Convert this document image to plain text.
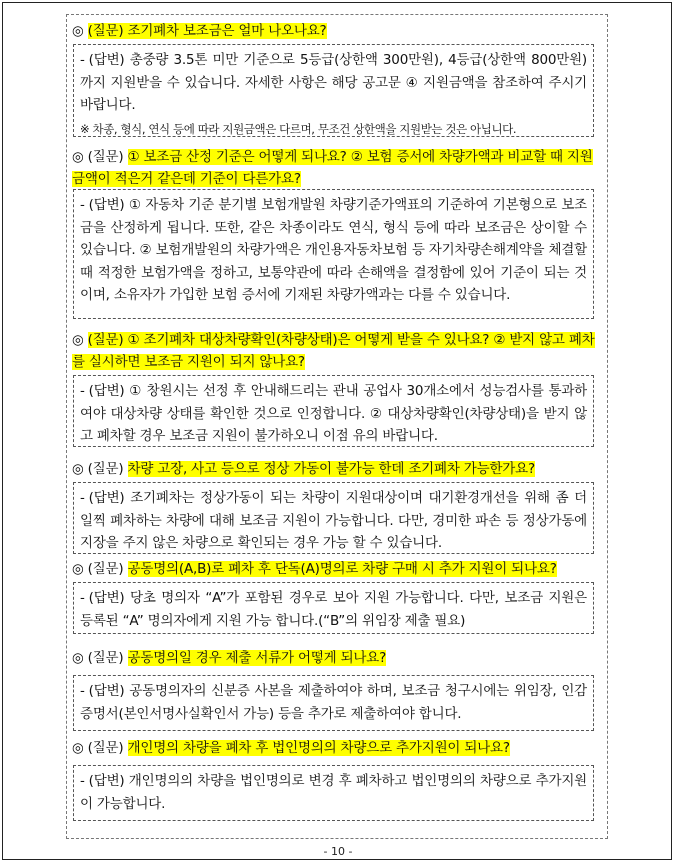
◎ (질문) 조기폐차 보조금은 얼마 나오나요?
- (답변) 총중량 3.5톤 미만 기준으로 5등급(상한액 300만원), 4등급(상한액 800만원)까지 지원받을 수 있습니다. 자세한 사항은 해당 공고문 ④ 지원금액을 참조하여 주시기 바랍니다.
※ 차종, 형식, 연식 등에 따라 지원금액은 다르며, 무조건 상한액을 지원받는 것은 아닙니다.
◎ (질문) ① 보조금 산정 기준은 어떻게 되나요? ② 보험 증서에 차량가액과 비교할 때 지원 금액이 적은거 같은데 기준이 다른가요?
- (답변) ① 자동차 기준 분기별 보험개발원 차량기준가액표의 기준하여 기본형으로 보조금을 산정하게 됩니다. 또한, 같은 차종이라도 연식, 형식 등에 따라 보조금은 상이할 수 있습니다. ② 보험개발원의 차량가액은 개인용자동차보험 등 자기차량손해계약을 체결할 때 적정한 보험가액을 정하고, 보통약관에 따라 손해액을 결정함에 있어 기준이 되는 것이며, 소유자가 가입한 보험 증서에 기재된 차량가액과는 다를 수 있습니다.
◎ (질문) ① 조기폐차 대상차량확인(차량상태)은 어떻게 받을 수 있나요? ② 받지 않고 폐차를 실시하면 보조금 지원이 되지 않나요?
- (답변) ① 창원시는 선정 후 안내해드리는 관내 공업사 30개소에서 성능검사를 통과하여야 대상차량 상태를 확인한 것으로 인정합니다. ② 대상차량확인(차량상태)을 받지 않고 폐차할 경우 보조금 지원이 불가하오니 이점 유의 바랍니다.
◎ (질문) 차량 고장, 사고 등으로 정상 가동이 불가능 한데 조기폐차 가능한가요?
- (답변) 조기폐차는 정상가동이 되는 차량이 지원대상이며 대기환경개선을 위해 좀 더 일찍 폐차하는 차량에 대해 보조금 지원이 가능합니다. 다만, 경미한 파손 등 정상가동에 지장을 주지 않은 차량으로 확인되는 경우 가능 할 수 있습니다.
◎ (질문) 공동명의(A,B)로 폐차 후 단독(A)명의로 차량 구매 시 추가 지원이 되나요?
- (답변) 당초 명의자 “A”가 포함된 경우로 보아 지원 가능합니다. 다만, 보조금 지원은 등록된 “A” 명의자에게 지원 가능 합니다.(“B”의 위임장 제출 필요)
◎ (질문) 공동명의일 경우 제출 서류가 어떻게 되나요?
- (답변) 공동명의자의 신분증 사본을 제출하여야 하며, 보조금 청구시에는 위임장, 인감증명서(본인서명사실확인서 가능) 등을 추가로 제출하여야 합니다.
◎ (질문) 개인명의 차량을 폐차 후 법인명의의 차량으로 추가지원이 되나요?
- (답변) 개인명의의 차량을 법인명의로 변경 후 폐차하고 법인명의의 차량으로 추가지원이 가능합니다.
- 10 -
